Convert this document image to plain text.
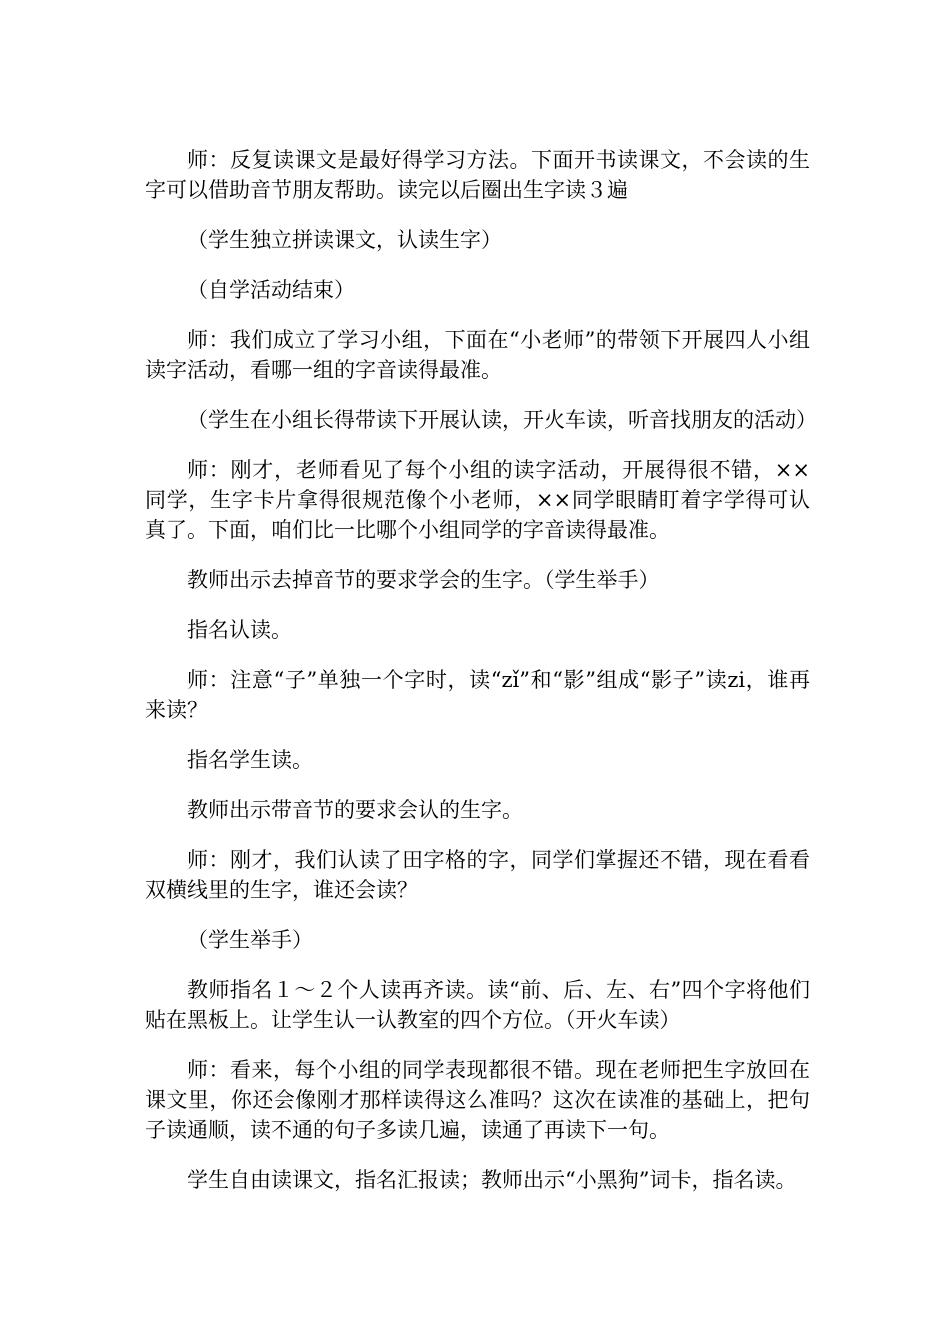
师：反复读课文是最好得学习方法。下面开书读课文，不会读的生字可以借助音节朋友帮助。读完以后圈出生字读３遍

（学生独立拼读课文，认读生字）

（自学活动结束）

师：我们成立了学习小组，下面在“小老师”的带领下开展四人小组读字活动，看哪一组的字音读得最准。

（学生在小组长得带读下开展认读，开火车读，听音找朋友的活动）

师：刚才，老师看见了每个小组的读字活动，开展得很不错，××同学，生字卡片拿得很规范像个小老师，××同学眼睛盯着字学得可认真了。下面，咱们比一比哪个小组同学的字音读得最准。

教师出示去掉音节的要求学会的生字。（学生举手）

指名认读。

师：注意“子”单独一个字时，读“zǐ”和“影”组成“影子”读zi，谁再来读？

指名学生读。

教师出示带音节的要求会认的生字。

师：刚才，我们认读了田字格的字，同学们掌握还不错，现在看看双横线里的生字，谁还会读？

（学生举手）

教师指名１～２个人读再齐读。读“前、后、左、右”四个字将他们贴在黑板上。让学生认一认教室的四个方位。（开火车读）

师：看来，每个小组的同学表现都很不错。现在老师把生字放回在课文里，你还会像刚才那样读得这么准吗？这次在读准的基础上，把句子读通顺，读不通的句子多读几遍，读通了再读下一句。

学生自由读课文，指名汇报读；教师出示“小黑狗”词卡，指名读。
